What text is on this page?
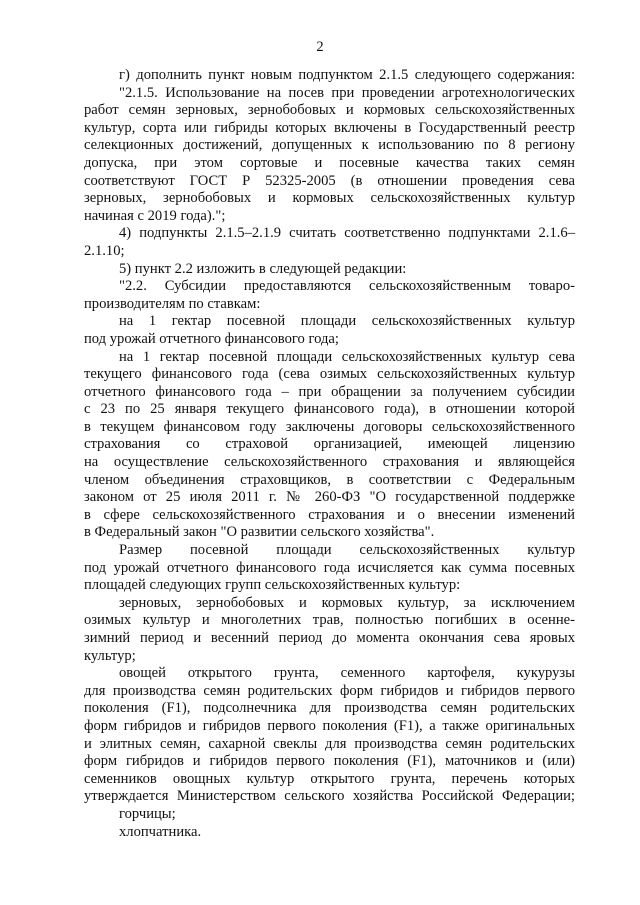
2
г) дополнить пункт новым подпунктом 2.1.5 следующего содержания:
"2.1.5. Использование на посев при проведении агротехнологических
работ семян зерновых, зернобобовых и кормовых сельскохозяйственных
культур, сорта или гибриды которых включены в Государственный реестр
селекционных достижений, допущенных к использованию по 8 региону
допуска, при этом сортовые и посевные качества таких семян
соответствуют ГОСТ Р 52325-2005 (в отношении проведения сева
зерновых, зернобобовых и кормовых сельскохозяйственных культур
начиная с 2019 года).";
4) подпункты 2.1.5–2.1.9 считать соответственно подпунктами 2.1.6–
2.1.10;
5) пункт 2.2 изложить в следующей редакции:
"2.2. Субсидии предоставляются сельскохозяйственным товаро-
производителям по ставкам:
на 1 гектар посевной площади сельскохозяйственных культур
под урожай отчетного финансового года;
на 1 гектар посевной площади сельскохозяйственных культур сева
текущего финансового года (сева озимых сельскохозяйственных культур
отчетного финансового года – при обращении за получением субсидии
с 23 по 25 января текущего финансового года), в отношении которой
в текущем финансовом году заключены договоры сельскохозяйственного
страхования со страховой организацией, имеющей лицензию
на осуществление сельскохозяйственного страхования и являющейся
членом объединения страховщиков, в соответствии с Федеральным
законом от 25 июля 2011 г. № 260-ФЗ "О государственной поддержке
в сфере сельскохозяйственного страхования и о внесении изменений
в Федеральный закон "О развитии сельского хозяйства".
Размер посевной площади сельскохозяйственных культур
под урожай отчетного финансового года исчисляется как сумма посевных
площадей следующих групп сельскохозяйственных культур:
зерновых, зернобобовых и кормовых культур, за исключением
озимых культур и многолетних трав, полностью погибших в осенне-
зимний период и весенний период до момента окончания сева яровых
культур;
овощей открытого грунта, семенного картофеля, кукурузы
для производства семян родительских форм гибридов и гибридов первого
поколения (F1), подсолнечника для производства семян родительских
форм гибридов и гибридов первого поколения (F1), а также оригинальных
и элитных семян, сахарной свеклы для производства семян родительских
форм гибридов и гибридов первого поколения (F1), маточников и (или)
семенников овощных культур открытого грунта, перечень которых
утверждается Министерством сельского хозяйства Российской Федерации;
горчицы;
хлопчатника.
